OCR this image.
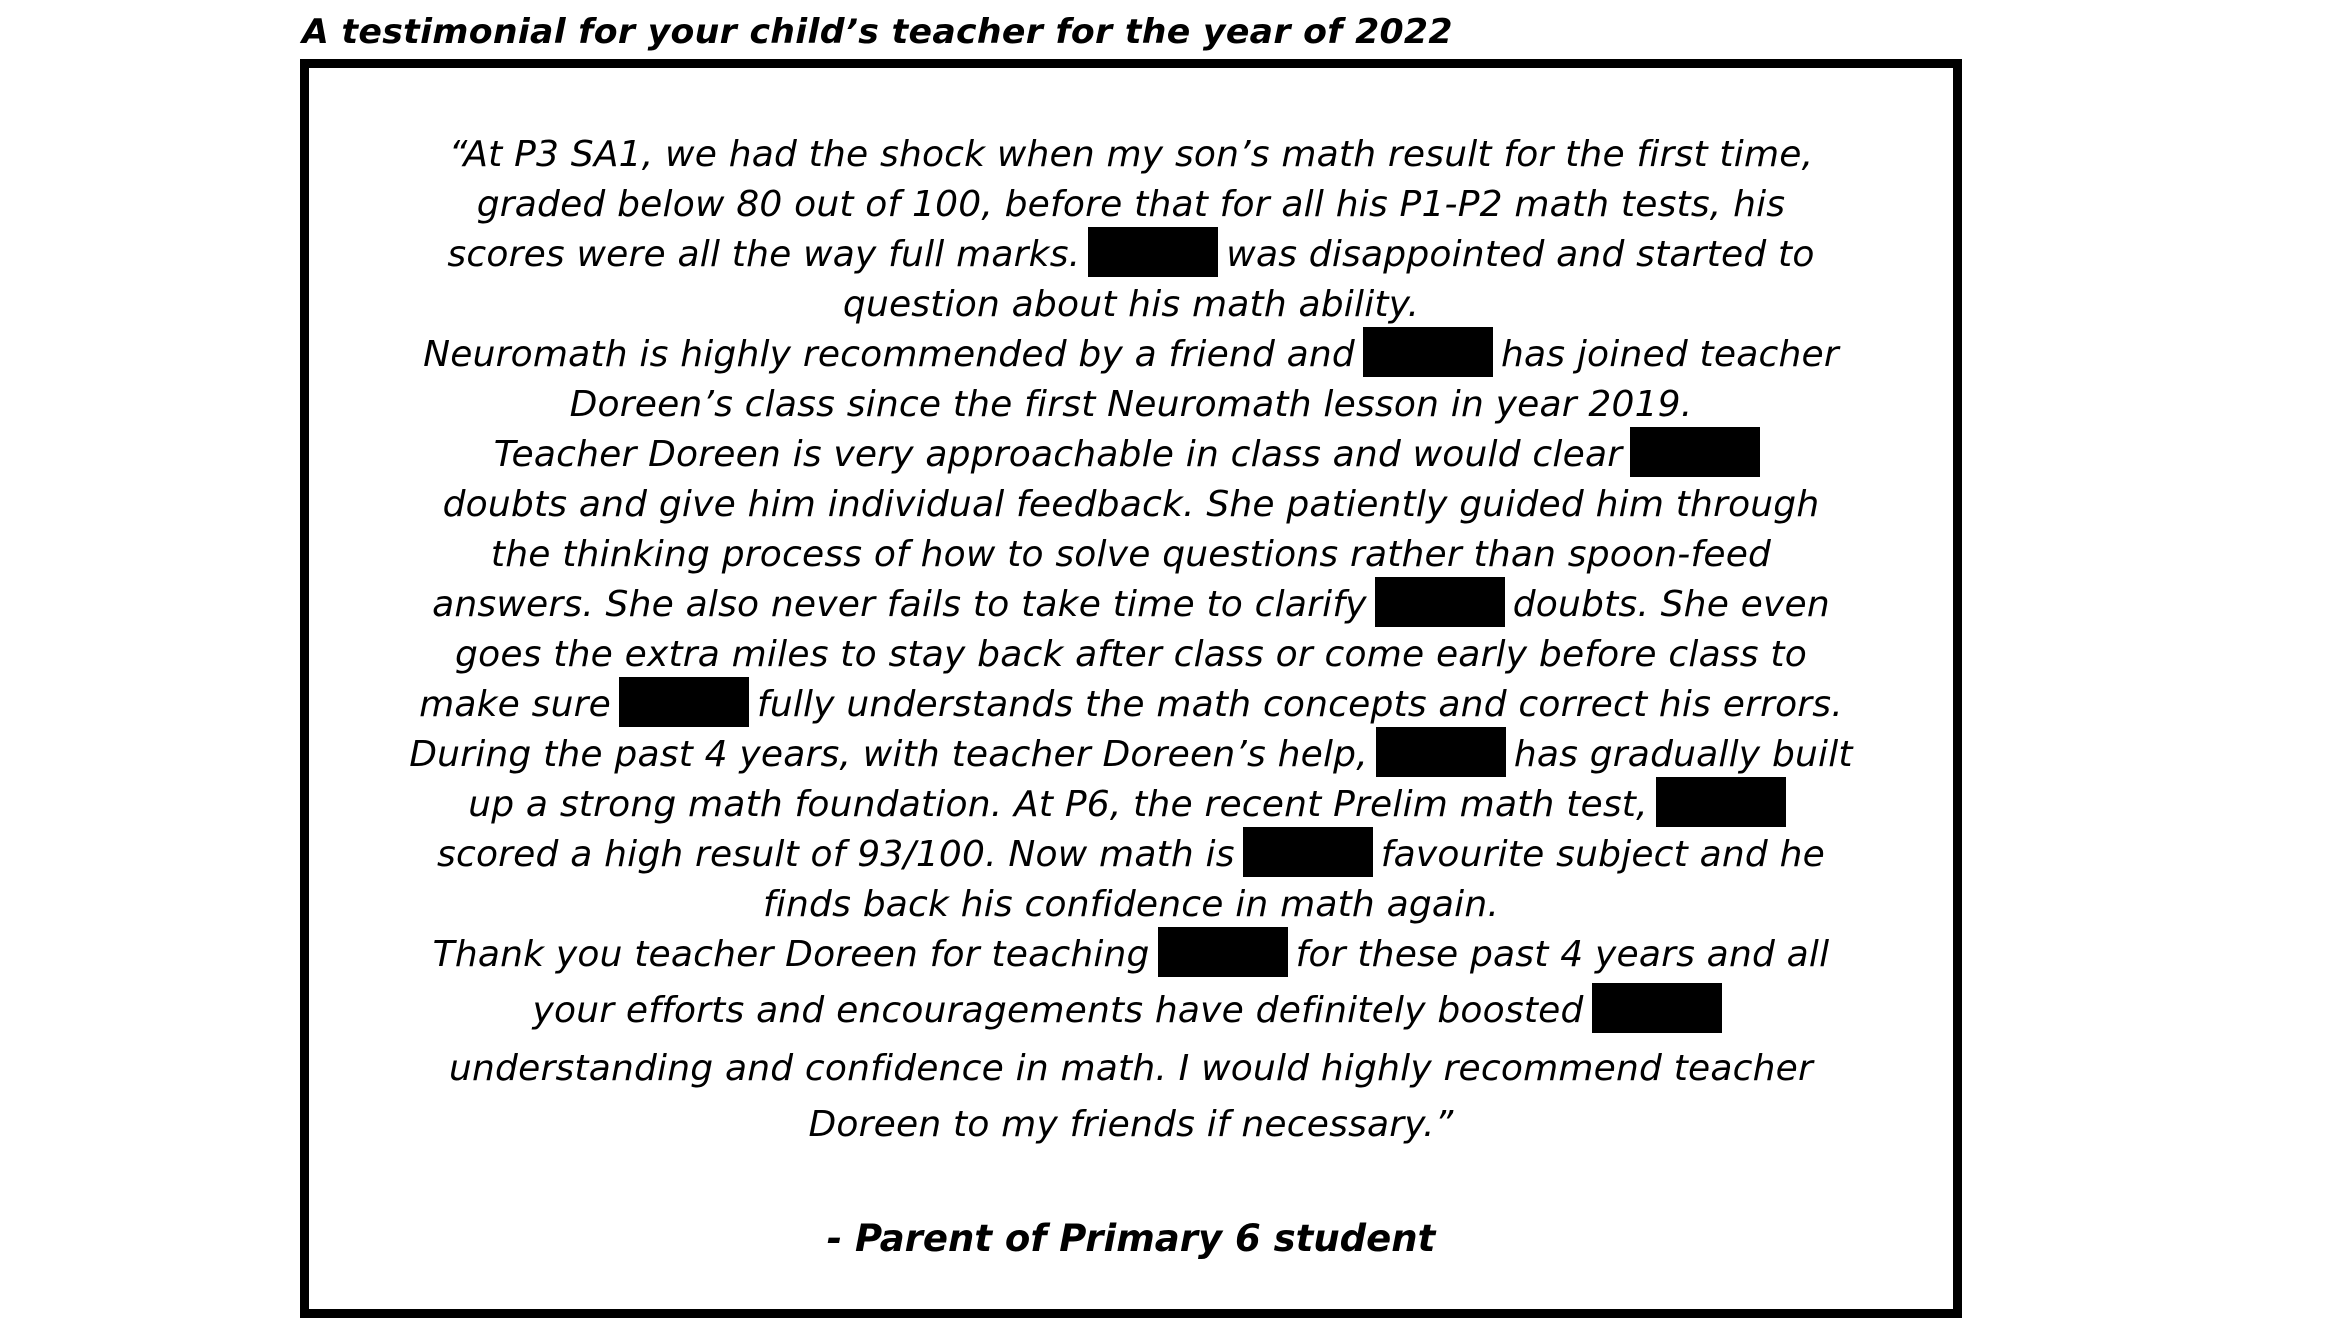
A testimonial for your child’s teacher for the year of 2022
“At P3 SA1, we had the shock when my son’s math result for the first time,
graded below 80 out of 100, before that for all his P1-P2 math tests, his
scores were all the way full marks.	was disappointed and started to
question about his math ability.
Neuromath is highly recommended by a friend and	has joined teacher
Doreen’s class since the first Neuromath lesson in year 2019.
Teacher Doreen is very approachable in class and would clear
doubts and give him individual feedback. She patiently guided him through
the thinking process of how to solve questions rather than spoon-feed
answers. She also never fails to take time to clarify	doubts. She even
goes the extra miles to stay back after class or come early before class to
make sure	fully understands the math concepts and correct his errors.
During the past 4 years, with teacher Doreen’s help,	has gradually built
up a strong math foundation. At P6, the recent Prelim math test,
scored a high result of 93/100. Now math is	favourite subject and he
finds back his confidence in math again.
Thank you teacher Doreen for teaching	for these past 4 years and all
your efforts and encouragements have definitely boosted
understanding and confidence in math. I would highly recommend teacher
Doreen to my friends if necessary.”
- Parent of Primary 6 student
